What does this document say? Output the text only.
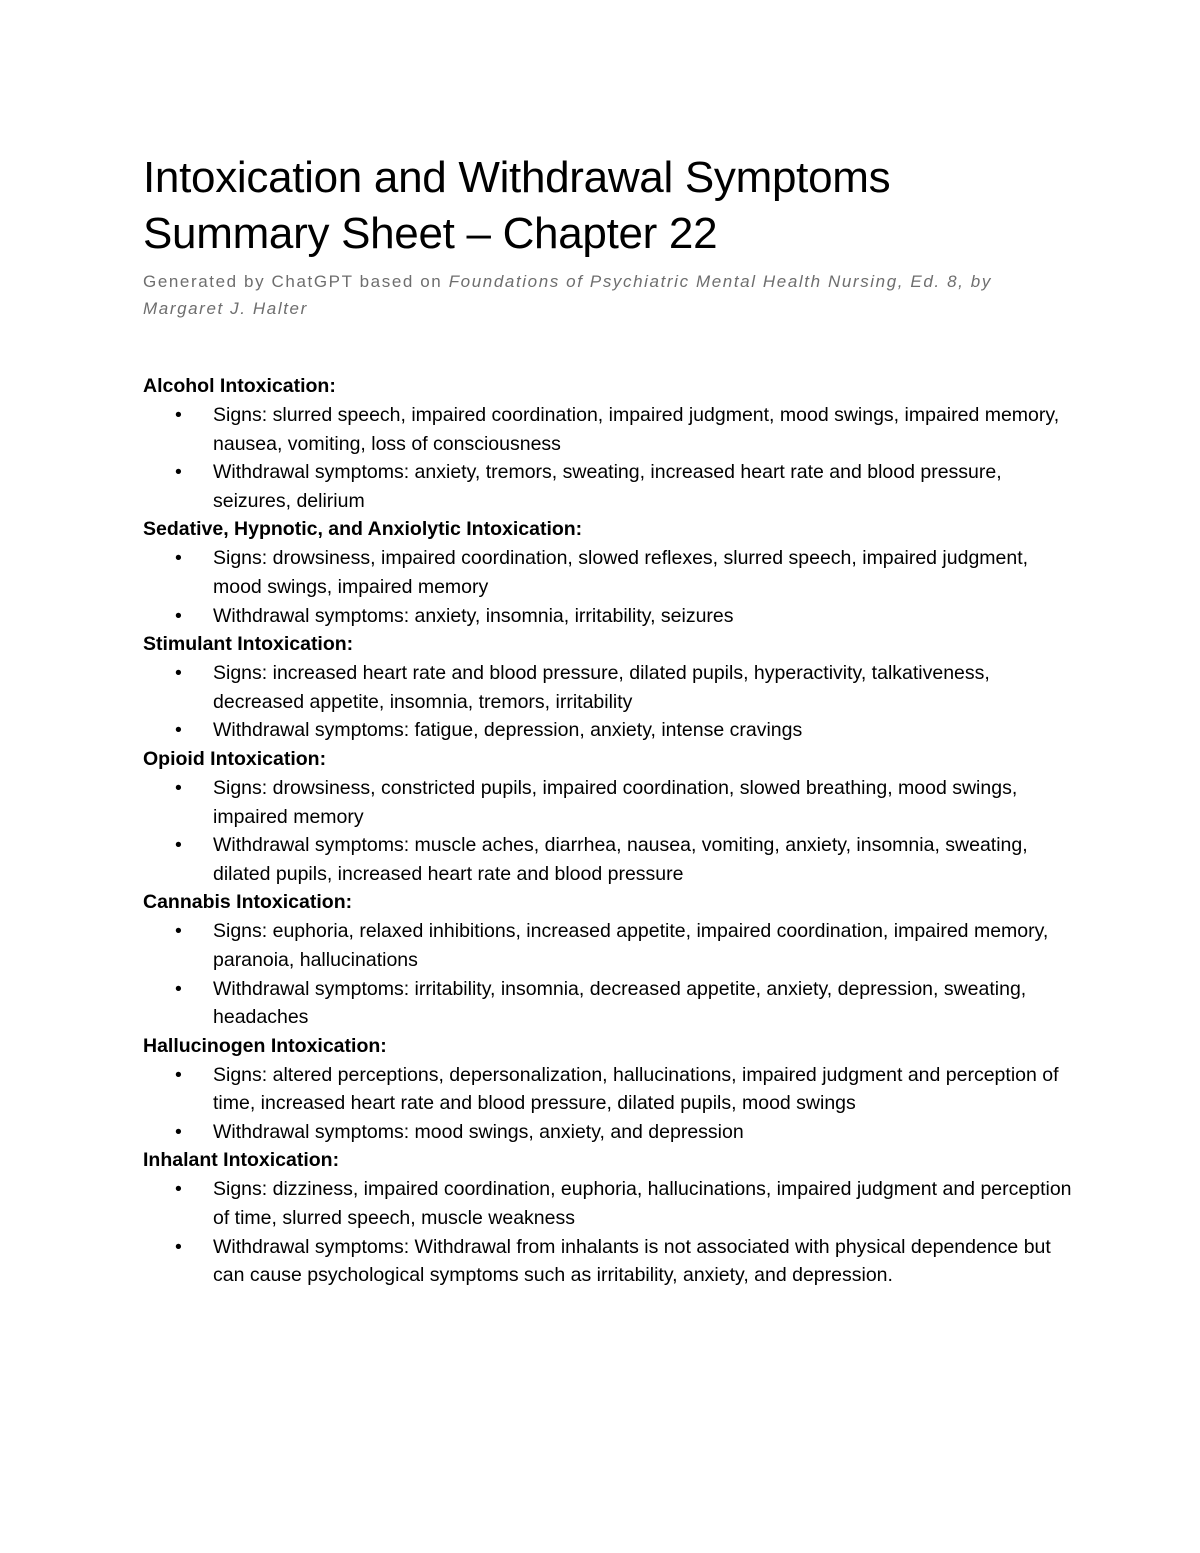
Intoxication and Withdrawal Symptoms
Summary Sheet – Chapter 22
Generated by ChatGPT based on Foundations of Psychiatric Mental Health Nursing, Ed. 8, by Margaret J. Halter

Alcohol Intoxication:

• Signs: slurred speech, impaired coordination, impaired judgment, mood swings, impaired memory, nausea, vomiting, loss of consciousness
• Withdrawal symptoms: anxiety, tremors, sweating, increased heart rate and blood pressure, seizures, delirium

Sedative, Hypnotic, and Anxiolytic Intoxication:

• Signs: drowsiness, impaired coordination, slowed reflexes, slurred speech, impaired judgment, mood swings, impaired memory
• Withdrawal symptoms: anxiety, insomnia, irritability, seizures

Stimulant Intoxication:

• Signs: increased heart rate and blood pressure, dilated pupils, hyperactivity, talkativeness, decreased appetite, insomnia, tremors, irritability
• Withdrawal symptoms: fatigue, depression, anxiety, intense cravings

Opioid Intoxication:

• Signs: drowsiness, constricted pupils, impaired coordination, slowed breathing, mood swings, impaired memory
• Withdrawal symptoms: muscle aches, diarrhea, nausea, vomiting, anxiety, insomnia, sweating, dilated pupils, increased heart rate and blood pressure

Cannabis Intoxication:

• Signs: euphoria, relaxed inhibitions, increased appetite, impaired coordination, impaired memory, paranoia, hallucinations
• Withdrawal symptoms: irritability, insomnia, decreased appetite, anxiety, depression, sweating, headaches

Hallucinogen Intoxication:

• Signs: altered perceptions, depersonalization, hallucinations, impaired judgment and perception of time, increased heart rate and blood pressure, dilated pupils, mood swings
• Withdrawal symptoms: mood swings, anxiety, and depression

Inhalant Intoxication:

• Signs: dizziness, impaired coordination, euphoria, hallucinations, impaired judgment and perception of time, slurred speech, muscle weakness
• Withdrawal symptoms: Withdrawal from inhalants is not associated with physical dependence but can cause psychological symptoms such as irritability, anxiety, and depression.
